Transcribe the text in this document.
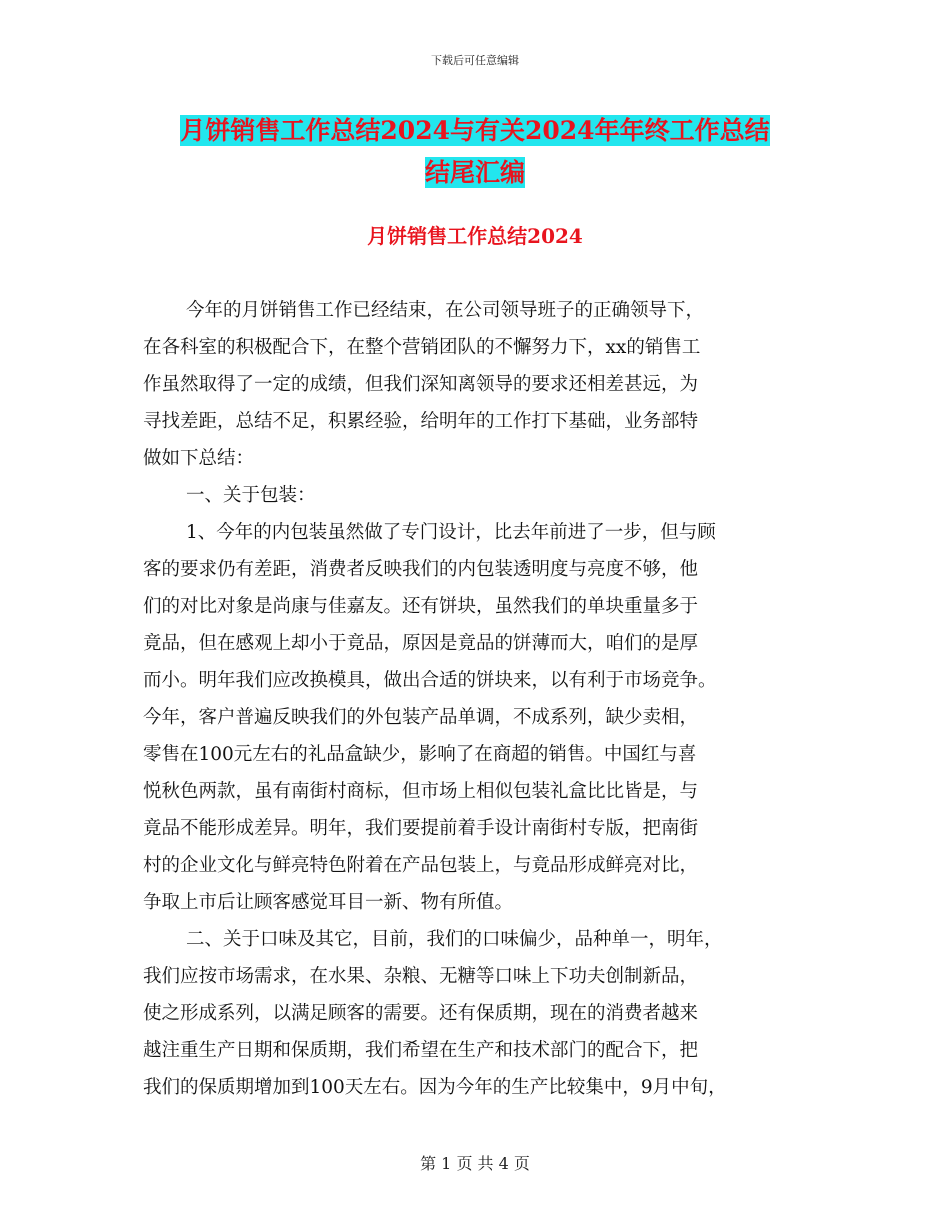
下载后可任意编辑
月饼销售工作总结2024与有关2024年年终工作总结
结尾汇编
月饼销售工作总结2024
今年的月饼销售工作已经结束，在公司领导班子的正确领导下，
在各科室的积极配合下，在整个营销团队的不懈努力下，xx的销售工
作虽然取得了一定的成绩，但我们深知离领导的要求还相差甚远，为
寻找差距，总结不足，积累经验，给明年的工作打下基础，业务部特
做如下总结：
一、关于包装：
1、今年的内包装虽然做了专门设计，比去年前进了一步，但与顾
客的要求仍有差距，消费者反映我们的内包装透明度与亮度不够，他
们的对比对象是尚康与佳嘉友。还有饼块，虽然我们的单块重量多于
竟品，但在感观上却小于竟品，原因是竟品的饼薄而大，咱们的是厚
而小。明年我们应改换模具，做出合适的饼块来，以有利于市场竞争。
今年，客户普遍反映我们的外包装产品单调，不成系列，缺少卖相，
零售在100元左右的礼品盒缺少，影响了在商超的销售。中国红与喜
悦秋色两款，虽有南街村商标，但市场上相似包装礼盒比比皆是，与
竟品不能形成差异。明年，我们要提前着手设计南街村专版，把南街
村的企业文化与鲜亮特色附着在产品包装上，与竟品形成鲜亮对比，
争取上市后让顾客感觉耳目一新、物有所值。
二、关于口味及其它，目前，我们的口味偏少，品种单一，明年，
我们应按市场需求，在水果、杂粮、无糖等口味上下功夫创制新品，
使之形成系列，以满足顾客的需要。还有保质期，现在的消费者越来
越注重生产日期和保质期，我们希望在生产和技术部门的配合下，把
我们的保质期增加到100天左右。因为今年的生产比较集中，9月中旬，
第 1 页 共 4 页
